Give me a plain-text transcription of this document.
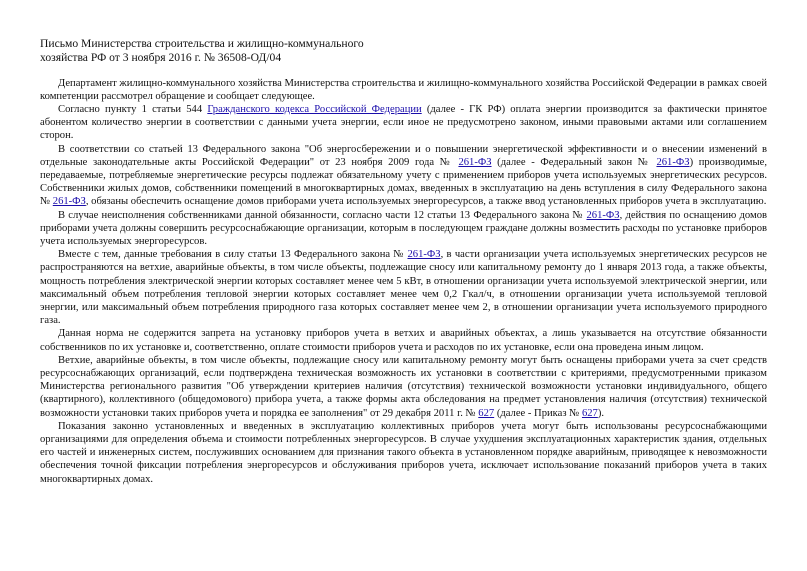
Письмо Министерства строительства и жилищно-коммунального
хозяйства РФ от 3 ноября 2016 г. № 36508-ОД/04

Департамент жилищно-коммунального хозяйства Министерства строительства и жилищно-коммунального хозяйства Российской Федерации в рамках своей компетенции рассмотрел обращение и сообщает следующее.

Согласно пункту 1 статьи 544 Гражданского кодекса Российской Федерации (далее - ГК РФ) оплата энергии производится за фактически принятое абонентом количество энергии в соответствии с данными учета энергии, если иное не предусмотрено законом, иными правовыми актами или соглашением сторон.

В соответствии со статьей 13 Федерального закона "Об энергосбережении и о повышении энергетической эффективности и о внесении изменений в отдельные законодательные акты Российской Федерации" от 23 ноября 2009 года № 261-ФЗ (далее - Федеральный закон № 261-ФЗ) производимые, передаваемые, потребляемые энергетические ресурсы подлежат обязательному учету с применением приборов учета используемых энергетических ресурсов. Собственники жилых домов, собственники помещений в многоквартирных домах, введенных в эксплуатацию на день вступления в силу Федерального закона № 261-ФЗ, обязаны обеспечить оснащение домов приборами учета используемых энергоресурсов, а также ввод установленных приборов учета в эксплуатацию.

В случае неисполнения собственниками данной обязанности, согласно части 12 статьи 13 Федерального закона № 261-ФЗ, действия по оснащению домов приборами учета должны совершить ресурсоснабжающие организации, которым в последующем граждане должны возместить расходы по установке приборов учета используемых энергоресурсов.

Вместе с тем, данные требования в силу статьи 13 Федерального закона № 261-ФЗ, в части организации учета используемых энергетических ресурсов не распространяются на ветхие, аварийные объекты, в том числе объекты, подлежащие сносу или капитальному ремонту до 1 января 2013 года, а также объекты, мощность потребления электрической энергии которых составляет менее чем 5 кВт, в отношении организации учета используемой электрической энергии, или максимальный объем потребления тепловой энергии которых составляет менее чем 0,2 Гкал/ч, в отношении организации учета используемой тепловой энергии, или максимальный объем потребления природного газа которых составляет менее чем 2, в отношении организации учета используемого природного газа.

Данная норма не содержится запрета на установку приборов учета в ветхих и аварийных объектах, а лишь указывается на отсутствие обязанности собственников по их установке и, соответственно, оплате стоимости приборов учета и расходов по их установке, если она проведена иным лицом.

Ветхие, аварийные объекты, в том числе объекты, подлежащие сносу или капитальному ремонту могут быть оснащены приборами учета за счет средств ресурсоснабжающих организаций, если подтверждена техническая возможность их установки в соответствии с критериями, предусмотренными приказом Министерства регионального развития "Об утверждении критериев наличия (отсутствия) технической возможности установки индивидуального, общего (квартирного), коллективного (общедомового) прибора учета, а также формы акта обследования на предмет установления наличия (отсутствия) технической возможности установки таких приборов учета и порядка ее заполнения" от 29 декабря 2011 г. № 627 (далее - Приказ № 627).

Показания законно установленных и введенных в эксплуатацию коллективных приборов учета могут быть использованы ресурсоснабжающими организациями для определения объема и стоимости потребленных энергоресурсов. В случае ухудшения эксплуатационных характеристик здания, отдельных его частей и инженерных систем, послуживших основанием для признания такого объекта в установленном порядке аварийным, приводящее к невозможности обеспечения точной фиксации потребления энергоресурсов и обслуживания приборов учета, исключает использование показаний приборов учета в таких многоквартирных домах.
